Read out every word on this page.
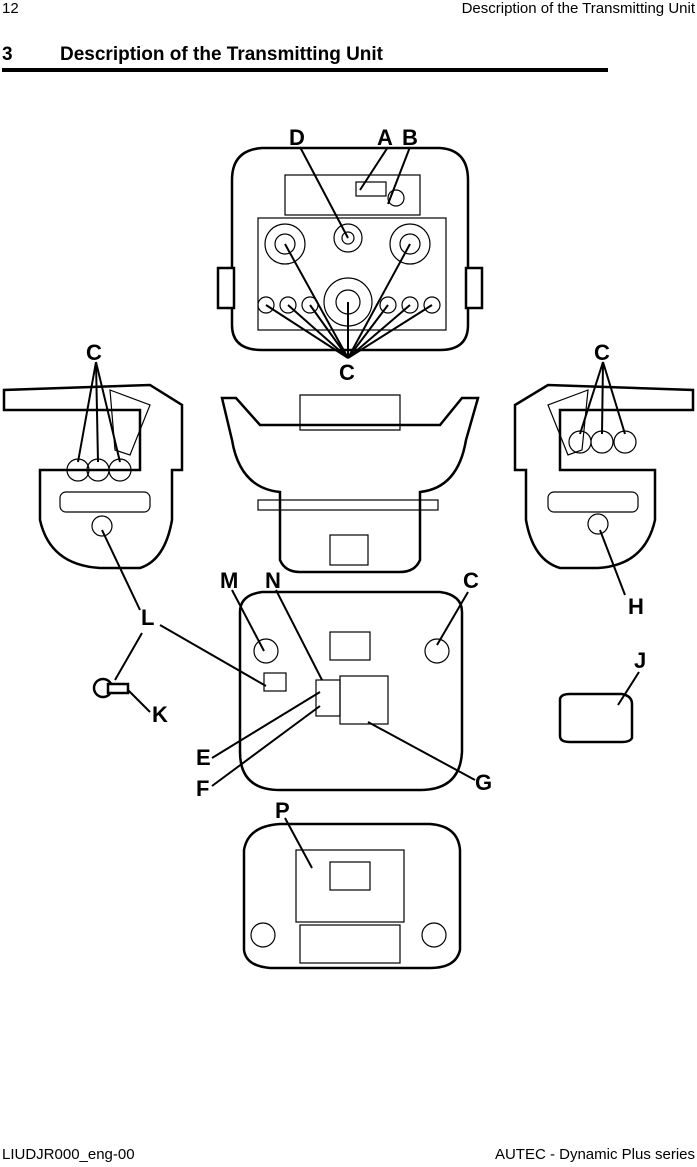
12	Description of the Transmitting Unit
3 Description of the Transmitting Unit
D	A B
C
C
C
M N	C
H
J
L
K
E
F	G
P
LIUDJR000_eng-00	AUTEC - Dynamic Plus series
